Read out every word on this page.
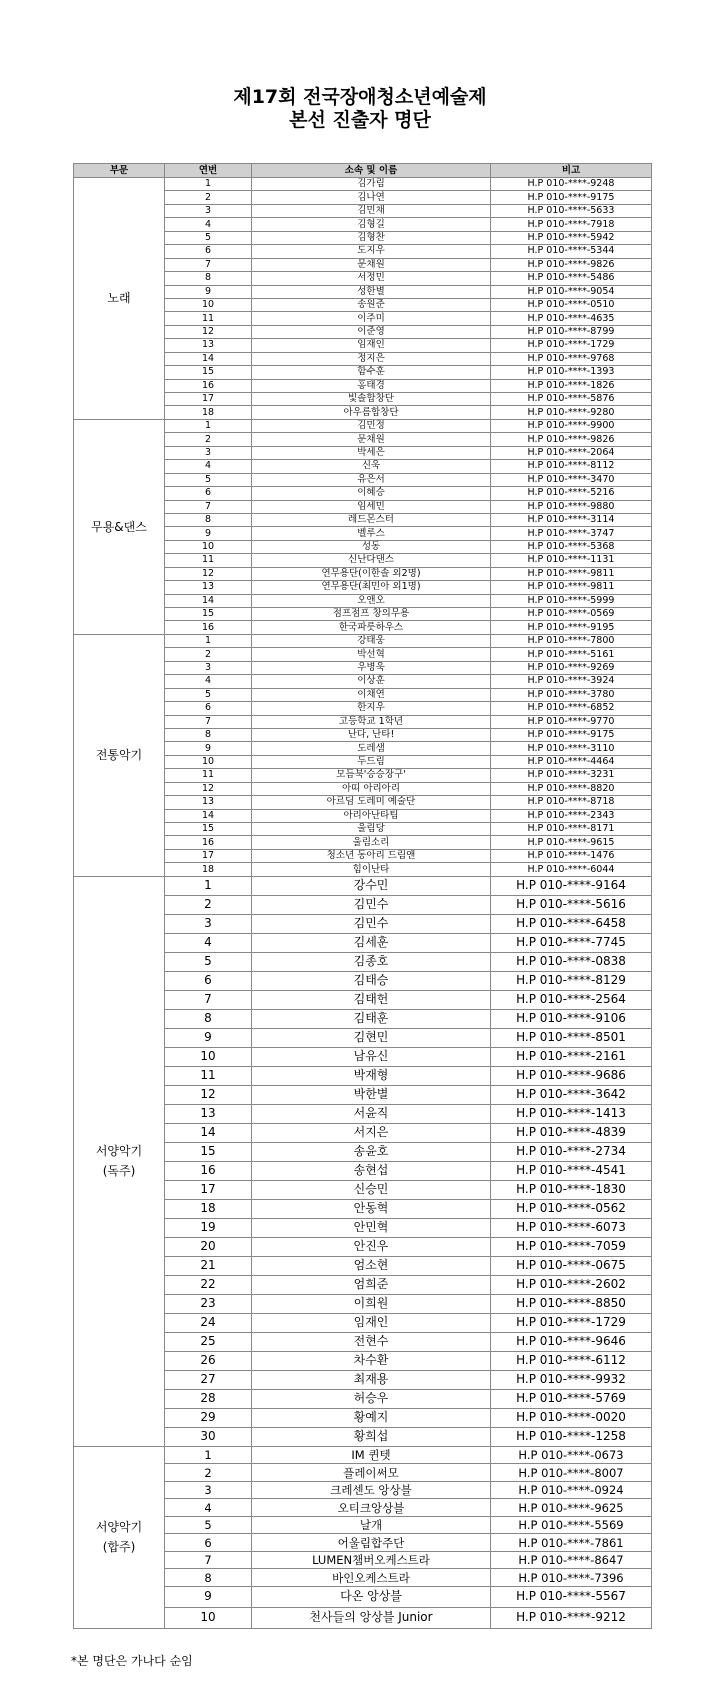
제17회 전국장애청소년예술제
본선 진출자 명단
부문	연번	소속 및 이름	비고

노래	1	김가림	H.P 010-****-9248
	2	김나연	H.P 010-****-9175
	3	김민채	H.P 010-****-5633
	4	김형길	H.P 010-****-7918
	5	김형찬	H.P 010-****-5942
	6	도지우	H.P 010-****-5344
	7	문채원	H.P 010-****-9826
	8	서정민	H.P 010-****-5486
	9	성한별	H.P 010-****-9054
	10	송원준	H.P 010-****-0510
	11	이주미	H.P 010-****-4635
	12	이준영	H.P 010-****-8799
	13	임재인	H.P 010-****-1729
	14	정지은	H.P 010-****-9768
	15	함수훈	H.P 010-****-1393
	16	홍태경	H.P 010-****-1826
	17	빛솔합창단	H.P 010-****-5876
	18	아우름합창단	H.P 010-****-9280

무용&댄스	1	김민정	H.P 010-****-9900
	2	문채원	H.P 010-****-9826
	3	박세은	H.P 010-****-2064
	4	신욱	H.P 010-****-8112
	5	유은서	H.P 010-****-3470
	6	이혜승	H.P 010-****-5216
	7	임세민	H.P 010-****-9880
	8	레드몬스터	H.P 010-****-3114
	9	벨루스	H.P 010-****-3747
	10	성동	H.P 010-****-5368
	11	신난다댄스	H.P 010-****-1131
	12	연무용단(이한솔 외2명)	H.P 010-****-9811
	13	연무용단(최민아 외1명)	H.P 010-****-9811
	14	오앤오	H.P 010-****-5999
	15	점프점프 창의무용	H.P 010-****-0569
	16	한국파릇하우스	H.P 010-****-9195

전통악기	1	강태웅	H.P 010-****-7800
	2	박선혁	H.P 010-****-5161
	3	우병욱	H.P 010-****-9269
	4	이상훈	H.P 010-****-3924
	5	이채연	H.P 010-****-3780
	6	한지우	H.P 010-****-6852
	7	고등학교 1학년	H.P 010-****-9770
	8	난다, 난타!	H.P 010-****-9175
	9	도레샘	H.P 010-****-3110
	10	두드림	H.P 010-****-4464
	11	모듬북'승승장구'	H.P 010-****-3231
	12	아띠 아리아리	H.P 010-****-8820
	13	아르딤 도레미 예술단	H.P 010-****-8718
	14	아리아난타팀	H.P 010-****-2343
	15	울림당	H.P 010-****-8171
	16	울림소리	H.P 010-****-9615
	17	청소년 동아리 드림앤	H.P 010-****-1476
	18	힘이난타	H.P 010-****-6044

서양악기
(독주)	1	강수민	H.P 010-****-9164
	2	김민수	H.P 010-****-5616
	3	김민수	H.P 010-****-6458
	4	김세훈	H.P 010-****-7745
	5	김종호	H.P 010-****-0838
	6	김태승	H.P 010-****-8129
	7	김태헌	H.P 010-****-2564
	8	김태훈	H.P 010-****-9106
	9	김현민	H.P 010-****-8501
	10	남유신	H.P 010-****-2161
	11	박재형	H.P 010-****-9686
	12	박한별	H.P 010-****-3642
	13	서윤직	H.P 010-****-1413
	14	서지은	H.P 010-****-4839
	15	송윤호	H.P 010-****-2734
	16	송현섭	H.P 010-****-4541
	17	신승민	H.P 010-****-1830
	18	안동혁	H.P 010-****-0562
	19	안민혁	H.P 010-****-6073
	20	안진우	H.P 010-****-7059
	21	엄소현	H.P 010-****-0675
	22	엄희준	H.P 010-****-2602
	23	이희원	H.P 010-****-8850
	24	임재인	H.P 010-****-1729
	25	전현수	H.P 010-****-9646
	26	차수환	H.P 010-****-6112
	27	최재용	H.P 010-****-9932
	28	허승우	H.P 010-****-5769
	29	황예지	H.P 010-****-0020
	30	황희섭	H.P 010-****-1258

서양악기
(합주)	1	IM 퀸텟	H.P 010-****-0673
	2	플레이써모	H.P 010-****-8007
	3	크레센도 앙상블	H.P 010-****-0924
	4	오티크앙상블	H.P 010-****-9625
	5	날개	H.P 010-****-5569
	6	어울림합주단	H.P 010-****-7861
	7	LUMEN챔버오케스트라	H.P 010-****-8647
	8	바인오케스트라	H.P 010-****-7396
	9	다온 앙상블	H.P 010-****-5567
	10	천사들의 앙상블 Junior	H.P 010-****-9212
*본 명단은 가나다 순임
